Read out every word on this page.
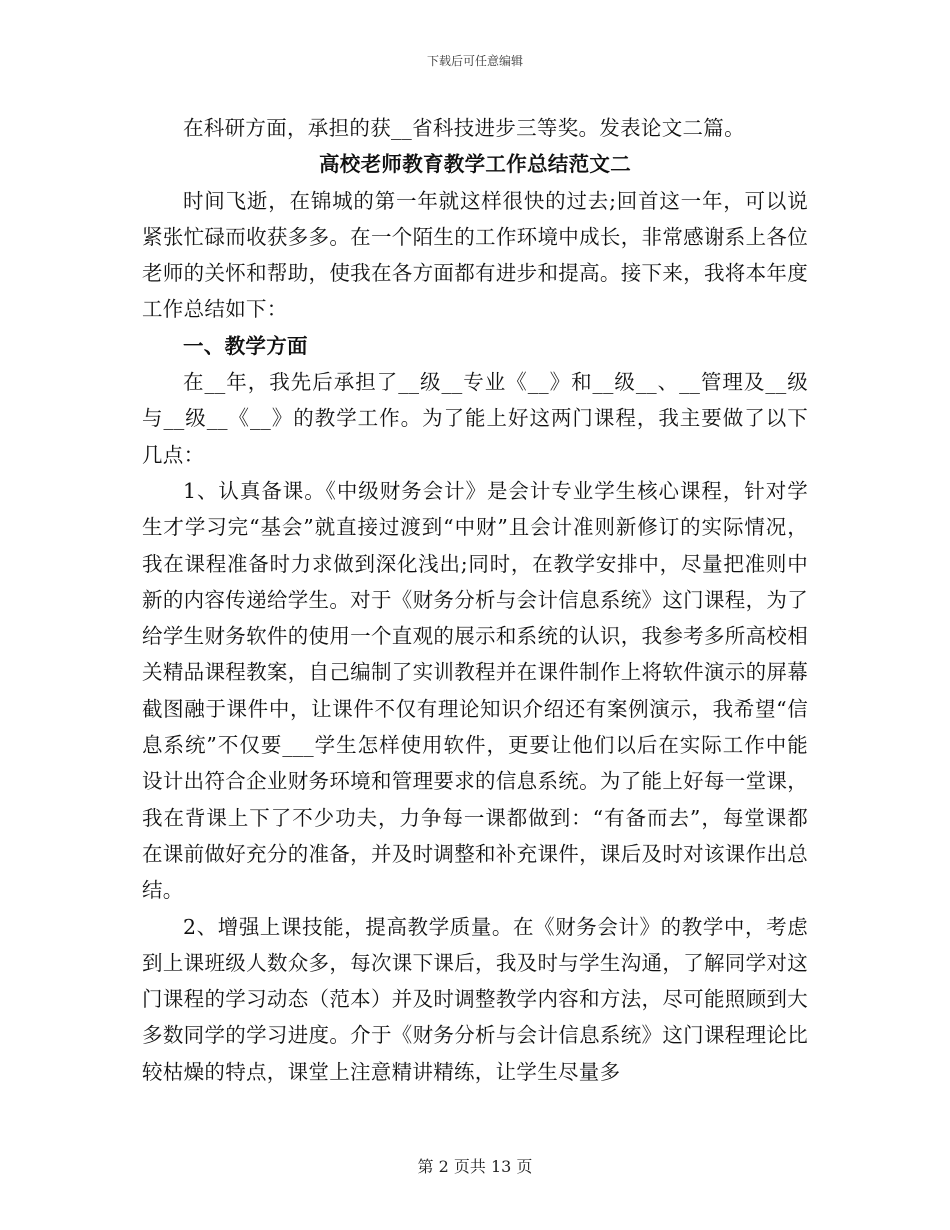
下载后可任意编辑

在科研方面，承担的获__省科技进步三等奖。发表论文二篇。

高校老师教育教学工作总结范文二

时间飞逝，在锦城的第一年就这样很快的过去;回首这一年，可以说紧张忙碌而收获多多。在一个陌生的工作环境中成长，非常感谢系上各位老师的关怀和帮助，使我在各方面都有进步和提高。接下来，我将本年度工作总结如下：

一、教学方面

在__年，我先后承担了__级__专业《__》和__级__、__管理及__级与__级__《__》的教学工作。为了能上好这两门课程，我主要做了以下几点：

1、认真备课。《中级财务会计》是会计专业学生核心课程，针对学生才学习完“基会”就直接过渡到“中财”且会计准则新修订的实际情况，我在课程准备时力求做到深化浅出;同时，在教学安排中，尽量把准则中新的内容传递给学生。对于《财务分析与会计信息系统》这门课程，为了给学生财务软件的使用一个直观的展示和系统的认识，我参考多所高校相关精品课程教案，自己编制了实训教程并在课件制作上将软件演示的屏幕截图融于课件中，让课件不仅有理论知识介绍还有案例演示，我希望“信息系统”不仅要___学生怎样使用软件，更要让他们以后在实际工作中能设计出符合企业财务环境和管理要求的信息系统。为了能上好每一堂课，我在背课上下了不少功夫，力争每一课都做到：“有备而去”，每堂课都在课前做好充分的准备，并及时调整和补充课件，课后及时对该课作出总结。

2、增强上课技能，提高教学质量。在《财务会计》的教学中，考虑到上课班级人数众多，每次课下课后，我及时与学生沟通，了解同学对这门课程的学习动态（范本）并及时调整教学内容和方法，尽可能照顾到大多数同学的学习进度。介于《财务分析与会计信息系统》这门课程理论比较枯燥的特点，课堂上注意精讲精练，让学生尽量多

第 2 页共 13 页
